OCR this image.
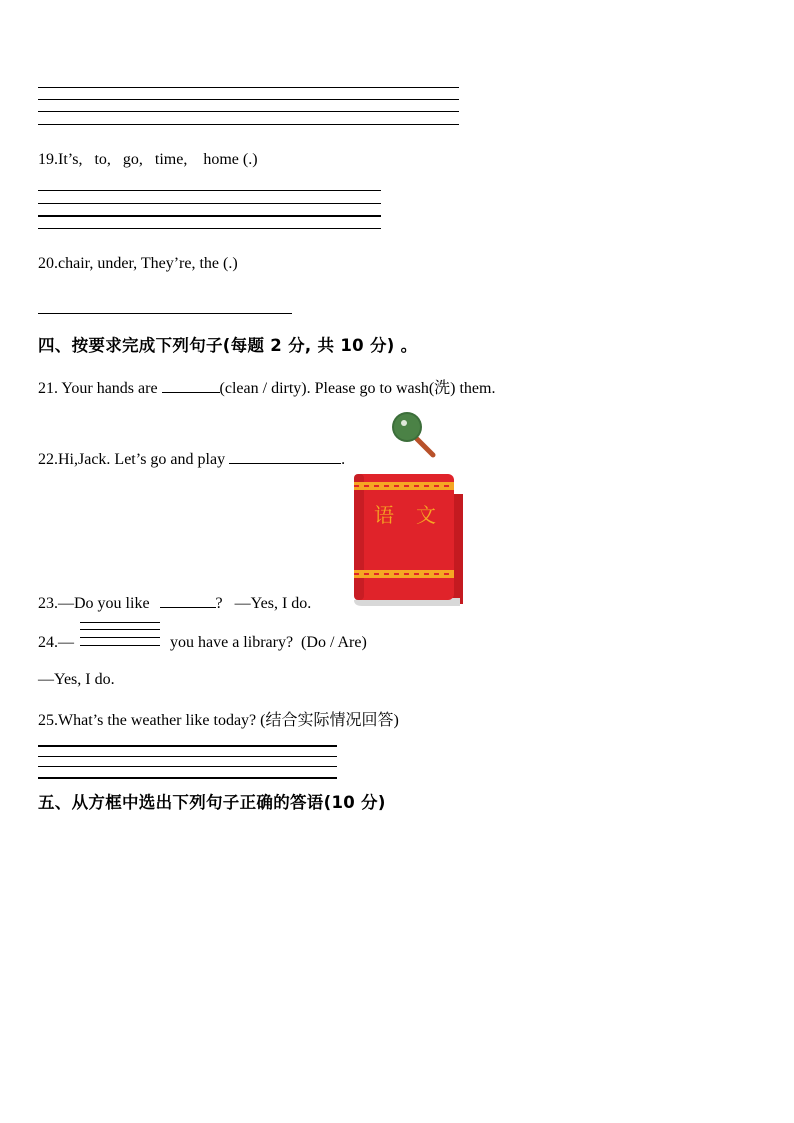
19.It’s,   to,   go,   time,    home (.)
20.chair, under, They’re, the (.)
四、按要求完成下列句子(每题 2 分, 共 10 分) 。
21. Your hands are	(clean / dirty). Please go to wash(洗) them.
22.Hi,Jack. Let’s go and play	.
语 文
23.—Do you like	?   —Yes, I do.
24.—	you have a library?  (Do / Are)
—Yes, I do.
25.What’s the weather like today? (结合实际情况回答)
五、从方框中选出下列句子正确的答语(10 分)
